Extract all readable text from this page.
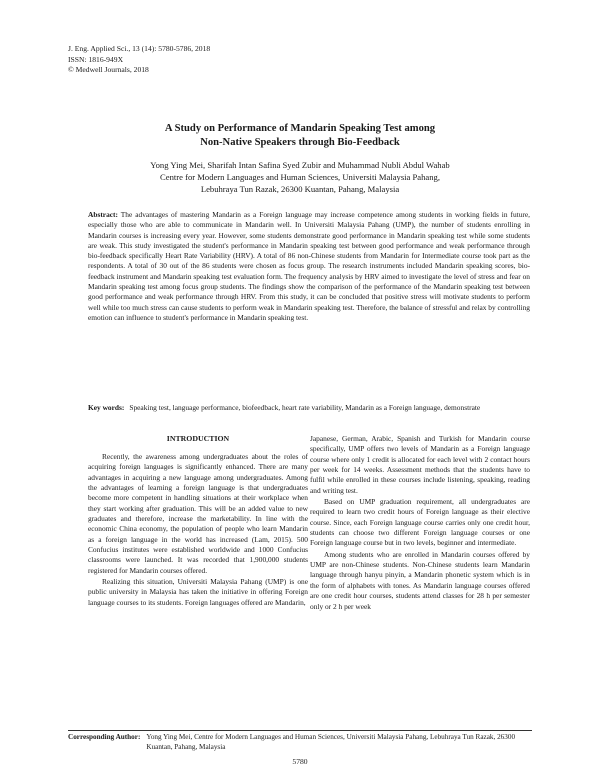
J. Eng. Applied Sci., 13 (14): 5780-5786, 2018
ISSN: 1816-949X
© Medwell Journals, 2018
A Study on Performance of Mandarin Speaking Test among
Non-Native Speakers through Bio-Feedback
Yong Ying Mei, Sharifah Intan Safina Syed Zubir and Muhammad Nubli Abdul Wahab
Centre for Modern Languages and Human Sciences, Universiti Malaysia Pahang,
Lebuhraya Tun Razak, 26300 Kuantan, Pahang, Malaysia
Abstract: The advantages of mastering Mandarin as a Foreign language may increase competence among students in working fields in future, especially those who are able to communicate in Mandarin well. In Universiti Malaysia Pahang (UMP), the number of students enrolling in Mandarin courses is increasing every year. However, some students demonstrate good performance in Mandarin speaking test while some students are weak. This study investigated the student's performance in Mandarin speaking test between good performance and weak performance through bio-feedback specifically Heart Rate Variability (HRV). A total of 86 non-Chinese students from Mandarin for Intermediate course took part as the respondents. A total of 30 out of the 86 students were chosen as focus group. The research instruments included Mandarin speaking scores, bio-feedback instrument and Mandarin speaking test evaluation form. The frequency analysis by HRV aimed to investigate the level of stress and fear on Mandarin speaking test among focus group students. The findings show the comparison of the performance of the Mandarin speaking test between good performance and weak performance through HRV. From this study, it can be concluded that positive stress will motivate students to perform well while too much stress can cause students to perform weak in Mandarin speaking test. Therefore, the balance of stressful and relax by controlling emotion can influence to student's performance in Mandarin speaking test.
Key words: Speaking test, language performance, biofeedback, heart rate variability, Mandarin as a Foreign language, demonstrate
INTRODUCTION

Recently, the awareness among undergraduates about the roles of acquiring foreign languages is significantly enhanced. There are many advantages in acquiring a new language among undergraduates. Among the advantages of learning a foreign language is that undergraduates become more competent in handling situations at their workplace when they start working after graduation. This will be an added value to new graduates and therefore, increase the marketability. In line with the economic China economy, the population of people who learn Mandarin as a foreign language in the world has increased (Lam, 2015). 500 Confucius institutes were established worldwide and 1000 Confucius classrooms were launched. It was recorded that 1,900,000 students registered for Mandarin courses offered.

Realizing this situation, Universiti Malaysia Pahang (UMP) is one public university in Malaysia has taken the initiative in offering Foreign language courses to its students. Foreign languages offered are Mandarin,

Japanese, German, Arabic, Spanish and Turkish for Mandarin course specifically, UMP offers two levels of Mandarin as a Foreign language course where only 1 credit is allocated for each level with 2 contact hours per week for 14 weeks. Assessment methods that the students have to fulfil while enrolled in these courses include listening, speaking, reading and writing test.

Based on UMP graduation requirement, all undergraduates are required to learn two credit hours of Foreign language as their elective course. Since, each Foreign language course carries only one credit hour, students can choose two different Foreign language courses or one Foreign language course but in two levels, beginner and intermediate.

Among students who are enrolled in Mandarin courses offered by UMP are non-Chinese students. Non-Chinese students learn Mandarin language through hanyu pinyin, a Mandarin phonetic system which is in the form of alphabets with tones. As Mandarin language courses offered are one credit hour courses, students attend classes for 28 h per semester only or 2 h per week

Corresponding Author: Yong Ying Mei, Centre for Modern Languages and Human Sciences, Universiti Malaysia Pahang, Lebuhraya Tun Razak, 26300 Kuantan, Pahang, Malaysia
5780
